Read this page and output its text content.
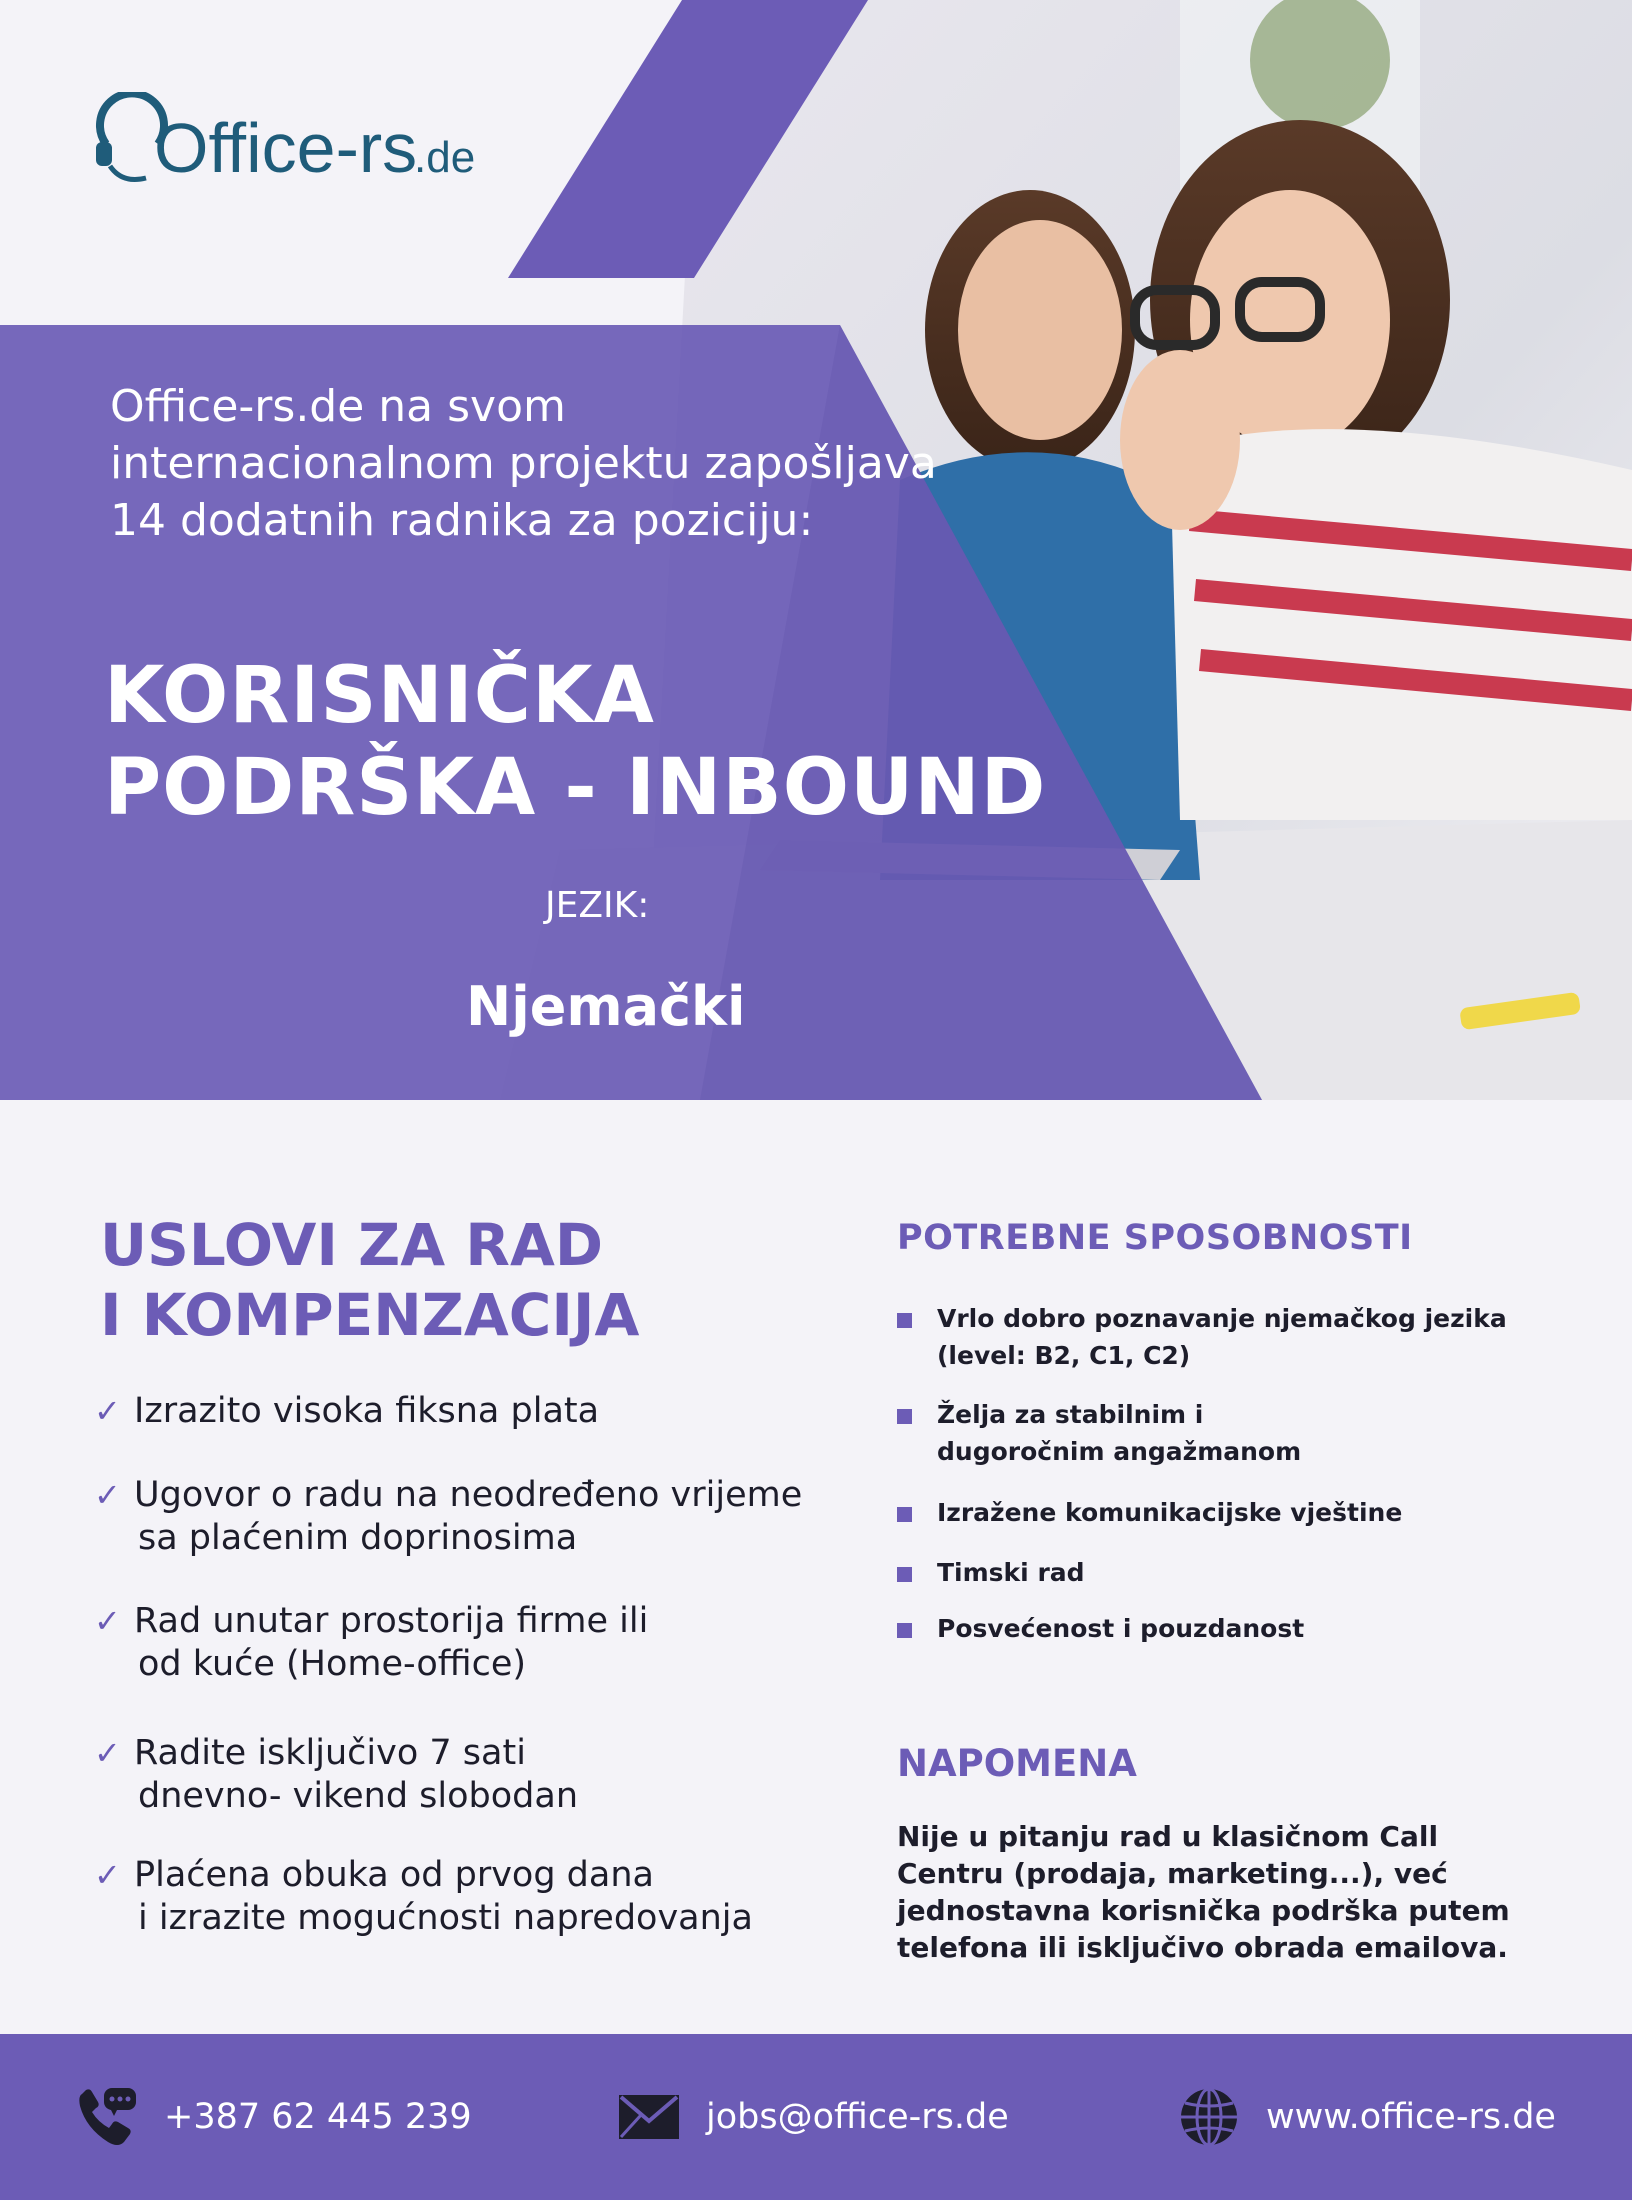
Office-rs
.de
Office-rs.de na svom internacionalnom projektu zapošljava 14 dodatnih radnika za poziciju:
KORISNIČKA
PODRŠKA - INBOUND
JEZIK:
Njemački
USLOVI ZA RAD
I KOMPENZACIJA
✓ Izrazito visoka fiksna plata
✓ Ugovor o radu na neodređeno vrijeme
sa plaćenim doprinosima
✓ Rad unutar prostorija firme ili
od kuće (Home-office)
✓ Radite isključivo 7 sati
dnevno- vikend slobodan
✓ Plaćena obuka od prvog dana
i izrazite mogućnosti napredovanja
POTREBNE SPOSOBNOSTI
Vrlo dobro poznavanje njemačkog jezika
(level: B2, C1, C2)
Želja za stabilnim i
dugoročnim angažmanom
Izražene komunikacijske vještine
Timski rad
Posvećenost i pouzdanost
NAPOMENA
Nije u pitanju rad u klasičnom Call Centru (prodaja, marketing...), već jednostavna korisnička podrška putem telefona ili isključivo obrada emailova.
+387 62 445 239	jobs@office-rs.de	www.office-rs.de
